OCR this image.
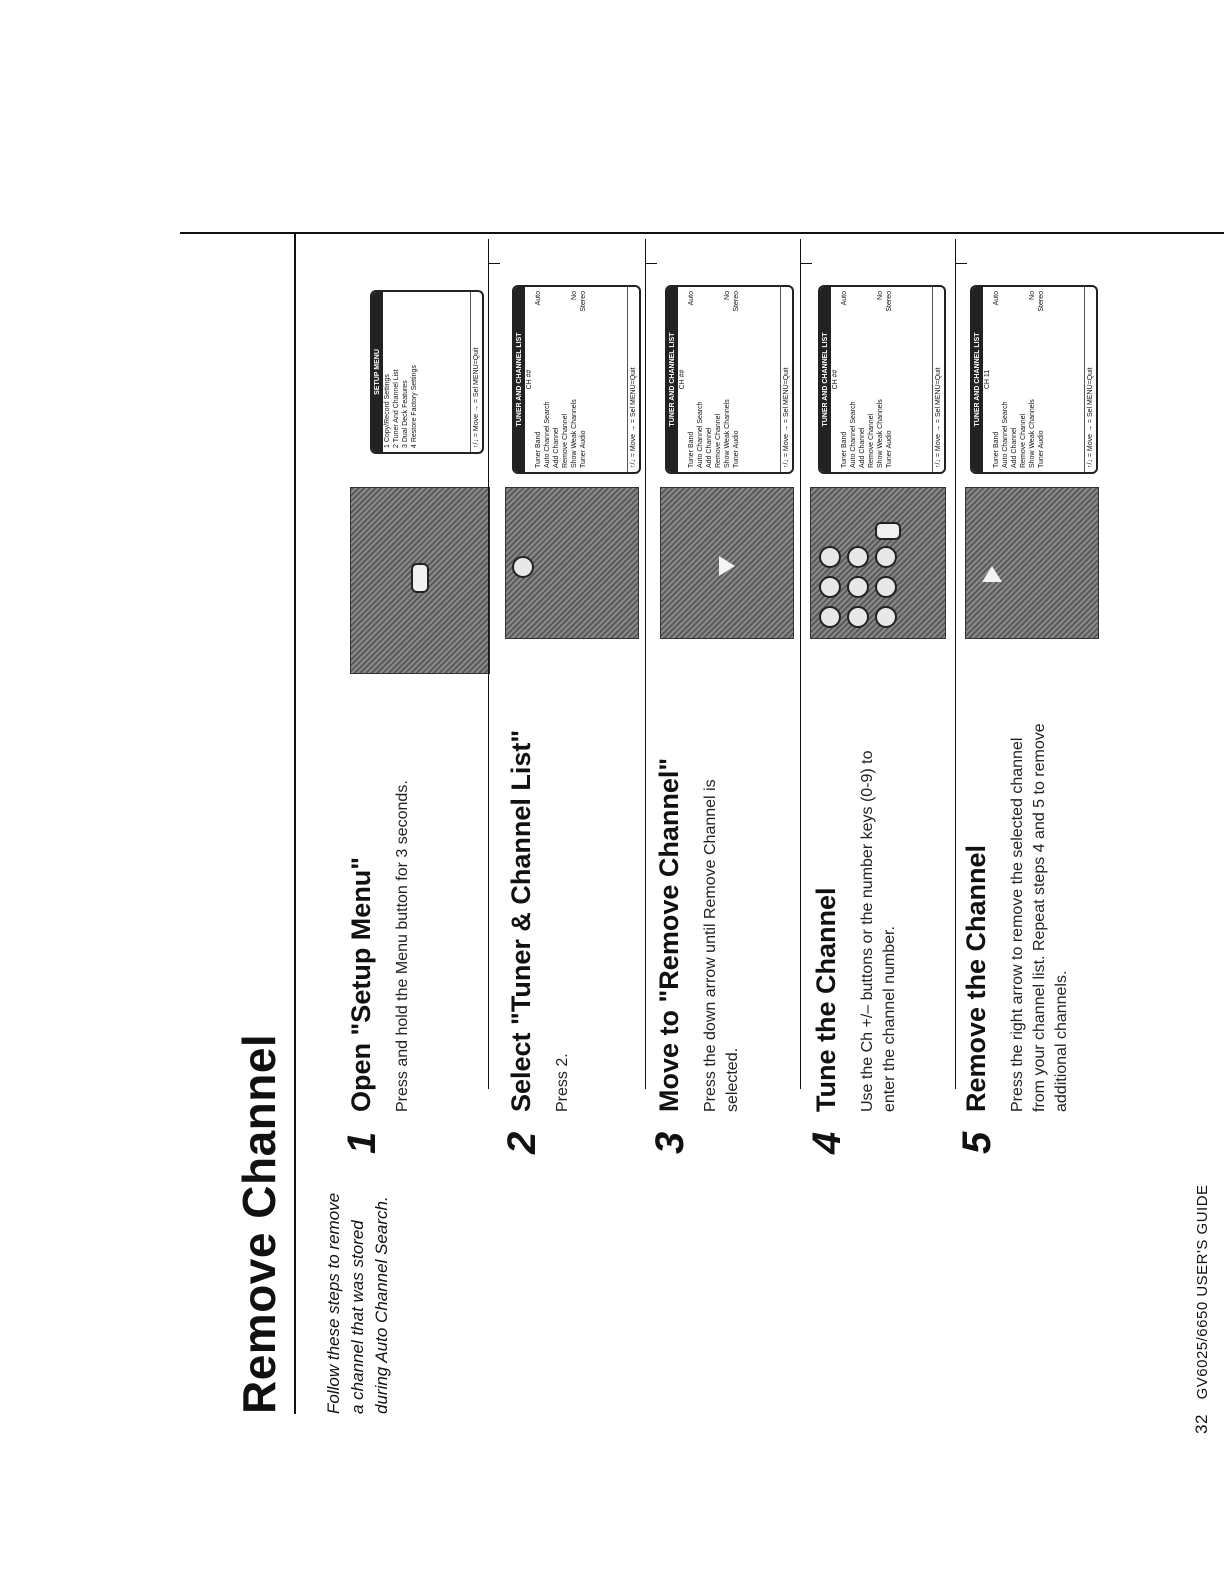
Remove Channel Follow these steps to remove a channel that was stored during Auto Channel Search.
32 GV6025/6650 USER'S GUIDE
1
Open "Setup Menu" Press and hold the Menu button for 3 seconds.
SETUP MENU
1 Copy/Record Settings 2 Tuner And Channel List 3 Dual Deck Features 4 Restore Factory Settings	↑/↓ = Move → = Sel MENU=Quit
2
Select "Tuner & Channel List" Press 2.
TUNER AND CHANNEL LIST CH ##
Tuner Band
Auto
Auto Channel Search Add Channel Remove Channel Show Weak Channels
No
Tuner Audio
Stereo
↑/↓ = Move → = Sel MENU=Quit
3
Move to "Remove Channel" Press the down arrow until Remove Channel is selected.
TUNER AND CHANNEL LIST CH ##
Tuner Band
Auto
Auto Channel Search Add Channel Remove Channel Show Weak Channels
No
Tuner Audio
Stereo
↑/↓ = Move → = Sel MENU=Quit
4
Tune the Channel Use the Ch +/– buttons or the number keys (0-9) to enter the channel number.
TUNER AND CHANNEL LIST CH ##
Tuner Band
Auto
Auto Channel Search Add Channel Remove Channel Show Weak Channels
No
Tuner Audio
Stereo
↑/↓ = Move → = Sel MENU=Quit
5
Remove the Channel Press the right arrow to remove the selected channel from your channel list. Repeat steps 4 and 5 to remove additional channels.
TUNER AND CHANNEL LIST CH 11
Tuner Band
Auto
Auto Channel Search Add Channel Remove Channel Show Weak Channels
No
Tuner Audio
Stereo
↑/↓ = Move → = Sel MENU=Quit
